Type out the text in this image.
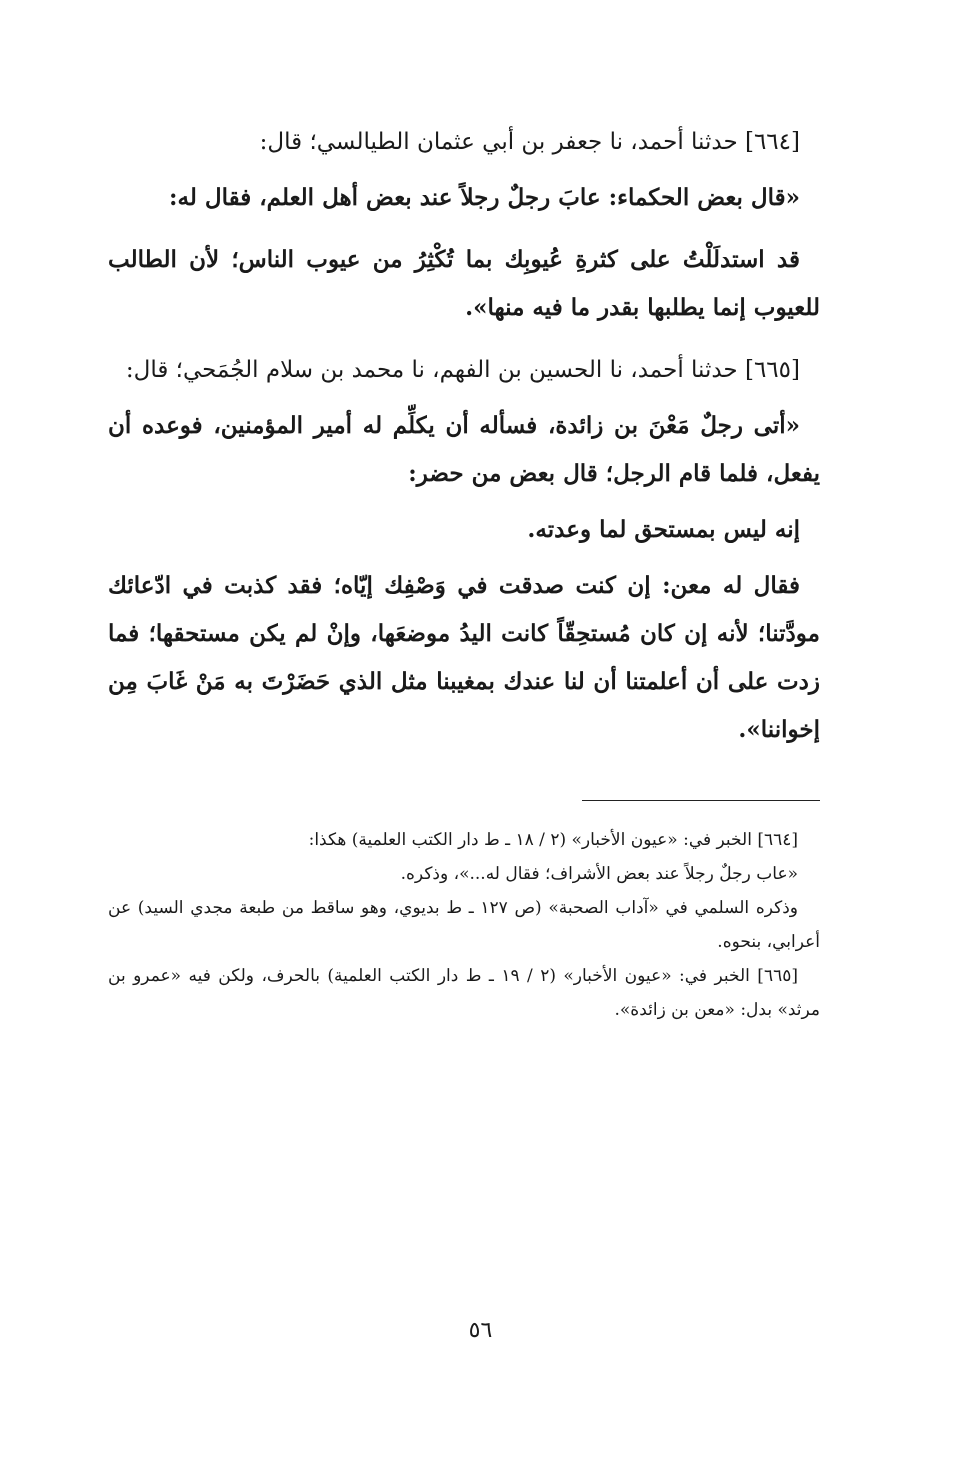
[٦٦٤] حدثنا أحمد، نا جعفر بن أبي عثمان الطيالسي؛ قال:

«قال بعض الحكماء: عابَ رجلٌ رجلاً عند بعض أهل العلم، فقال له:

قد استدلَلْتُ على كثرةِ عُيوبِك بما تُكْثِرُ من عيوب الناس؛ لأن الطالب للعيوب إنما يطلبها بقدر ما فيه منها».

[٦٦٥] حدثنا أحمد، نا الحسين بن الفهم، نا محمد بن سلام الجُمَحي؛ قال:

«أتى رجلٌ مَعْنَ بن زائدة، فسأله أن يكلِّم له أمير المؤمنين، فوعده أن يفعل، فلما قام الرجل؛ قال بعض من حضر:

إنه ليس بمستحق لما وعدته.

فقال له معن: إن كنت صدقت في وَصْفِك إيّاه؛ فقد كذبت في ادّعائك مودَّتنا؛ لأنه إن كان مُستحِقّاً كانت اليدُ موضعَها، وإنْ لم يكن مستحقها؛ فما زدت على أن أعلمتنا أن لنا عندك بمغيبنا مثل الذي حَضَرْتَ به مَنْ غَابَ مِن إخواننا».

[٦٦٤] الخبر في: «عيون الأخبار» (٢ / ١٨ ـ ط دار الكتب العلمية) هكذا:

«عاب رجلٌ رجلاً عند بعض الأشراف؛ فقال له...»، وذكره.

وذكره السلمي في «آداب الصحبة» (ص ١٢٧ ـ ط بديوي، وهو ساقط من طبعة مجدي السيد) عن أعرابي، بنحوه.

[٦٦٥] الخبر في: «عيون الأخبار» (٢ / ١٩ ـ ط دار الكتب العلمية) بالحرف، ولكن فيه «عمرو بن مرثد» بدل: «معن بن زائدة».

٥٦
